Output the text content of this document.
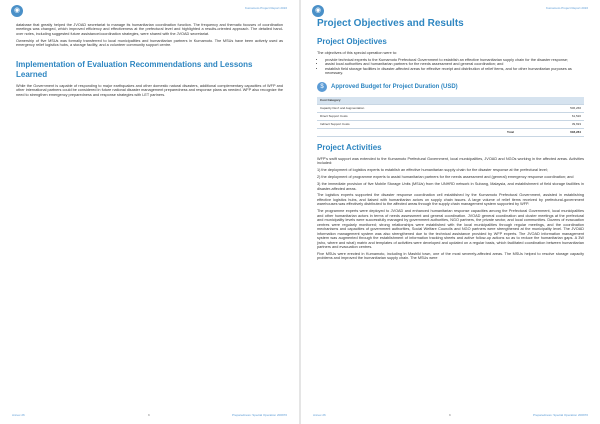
◉	Kumamoto Project Report 2016

database that greatly helped the JVOAD secretariat to manage its humanitarian coordination function. The frequency and thematic focuses of coordination meetings was changed, which improved efficiency and effectiveness at the prefectural level and highlighted a results-oriented approach. The detailed hand-over notes, including suggested future assistance/coordination strategies, were shared with the JVOAD secretariat.

Ownership of five MSUs was formally transferred to local municipalities and humanitarian partners in Kumamoto. The MSUs have been actively used as emergency relief logistics hubs, a storage facility, and a volunteer community support centre.

Implementation of Evaluation Recommendations and Lessons Learned

While the Government is capable of responding to major earthquakes and other domestic natural disasters, additional complementary capacities of WFP and other international partners could be considered in future national disaster management preparedness and response plans as needed. WFP also recognize the need to strengthen emergency preparedness and response strategies with LET partners.

Annex 26	9	Preparedness: Special Operation 200970
◉	Kumamoto Project Report 2016
Project Objectives and Results
Project Objectives

The objectives of this special operation were to:

• provide technical experts to the Kumamoto Prefectural Government to establish an effective humanitarian supply chain for the disaster response;
• assist local authorities and humanitarian partners for the needs assessment and general coordination; and
• establish field storage facilities in disaster-affected areas for effective receipt and distribution of relief items, and for other humanitarian purposes as necessary.
$	Approved Budget for Project Duration (USD)
Cost Category	
Capacity Dev't and Augmentation	506,266
Direct Support Costs	61,520
Indirect Support Costs	39,693
Total	608,284
Project Activities

WFP's swift support was extended to the Kumamoto Prefectural Government, local municipalities, JVOAD and NGOs working in the affected areas. Activities included:

1) the deployment of logistics experts to establish an effective humanitarian supply chain for the disaster response at the prefectural level;

2) the deployment of programme experts to assist humanitarian partners for the needs assessment and (general) emergency response coordination; and

3) the immediate provision of five Mobile Storage Units (MSUs) from the UNHRD network in Subang, Malaysia, and establishment of field storage facilities in disaster-affected areas.

The logistics experts supported the disaster response coordination cell established by the Kumamoto Prefectural Government, assisted in establishing effective logistics hubs, and liaised with humanitarian actors on supply chain issues. A large volume of relief items received by prefectural-government warehouses was effectively distributed to the affected areas through the supply chain management system supported by WFP.

The programme experts were deployed to JVOAD and enhanced humanitarian response capacities among the Prefectural Government, local municipalities and other humanitarian actors in terms of needs assessment and general coordination. JVOAD general coordination and cluster meetings at the prefectural and municipality levels were successfully managed by government authorities, NGO partners, the private sector, and local communities. Dozens of evacuation centres were regularly monitored; strong relationships were established with the local municipalities through regular meetings, and the coordination mechanisms and capacities of government authorities, Social Welfare Councils and NGO partners were strengthened at the municipality level. The JVOAD information management system was also strengthened due to the technical assistance provided by WFP experts. The JVOAD information management system was augmented through the establishment of information tracking sheets and active follow-up actions so as to reduce the humanitarian gaps. A 3W (who, where and what) matrix and templates of activities were developed and updated on a regular basis, which facilitated coordination between humanitarian partners and evacuation centres.

Five MSUs were erected in Kumamoto, including in Mashiki town, one of the most severely-affected areas. The MSUs helped to resolve storage capacity problems and improved the humanitarian supply chain. The MSUs were

Annex 26	9	Preparedness: Special Operation 200970
